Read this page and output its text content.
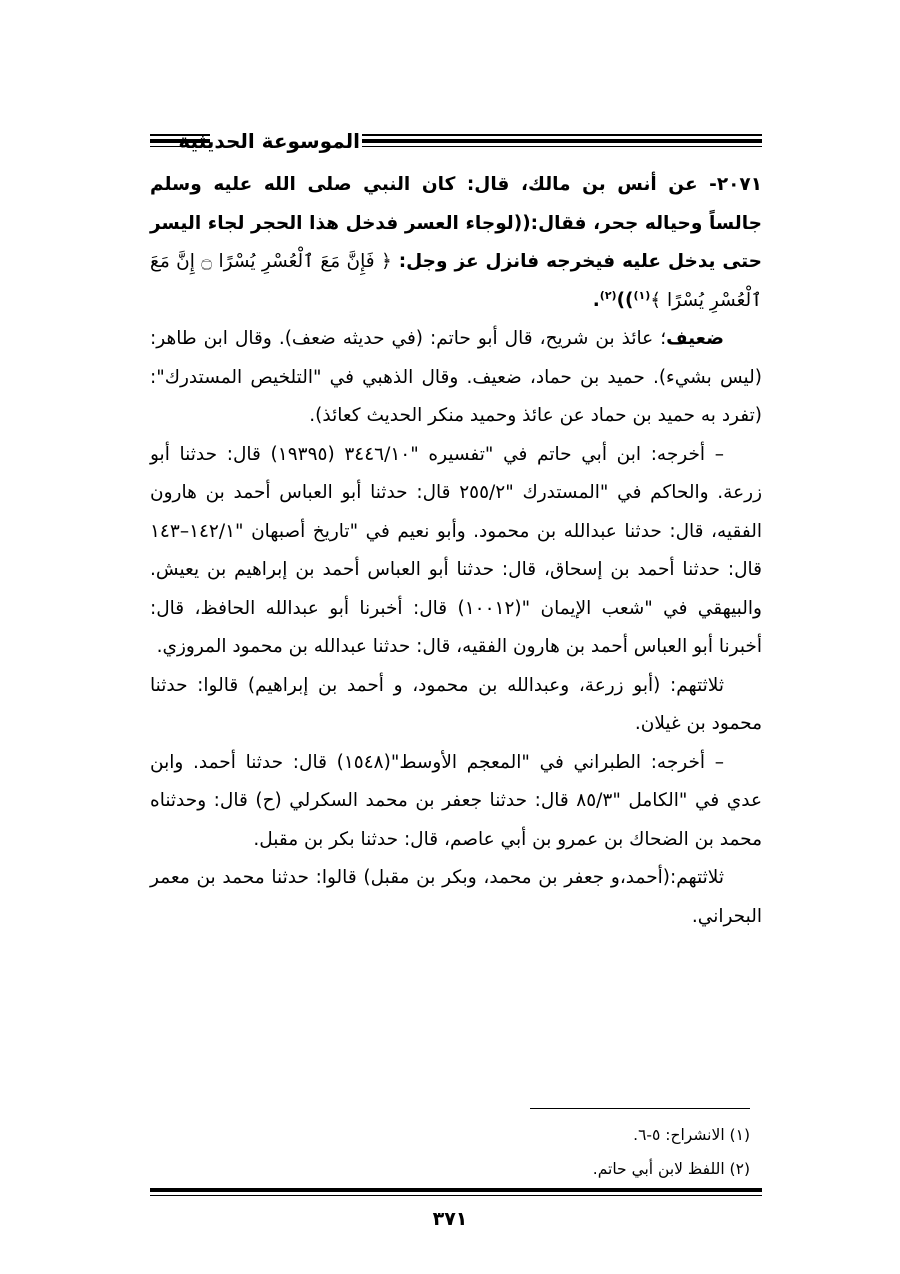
الموسوعة الحديثية

٢٠٧١- عن أنس بن مالك، قال: كان النبي صلى الله عليه وسلم جالساً وحياله جحر، فقال:((لوجاء العسر فدخل هذا الحجر لجاء اليسر حتى يدخل عليه فيخرجه فانزل عز وجل: ﴿ فَإِنَّ مَعَ ٱلْعُسْرِ يُسْرًا ۝ إِنَّ مَعَ ٱلْعُسْرِ يُسْرًا ﴾$^{(١)}$))$^{(٢)}$.

ضعيف؛ عائذ بن شريح، قال أبو حاتم: (في حديثه ضعف). وقال ابن طاهر: (ليس بشيء). حميد بن حماد، ضعيف. وقال الذهبي في "التلخيص المستدرك": (تفرد به حميد بن حماد عن عائذ وحميد منكر الحديث كعائذ).

– أخرجه: ابن أبي حاتم في "تفسيره "٣٤٤٦/١٠ (١٩٣٩٥) قال: حدثنا أبو زرعة. والحاكم في "المستدرك "٢٥٥/٢ قال: حدثنا أبو العباس أحمد بن هارون الفقيه، قال: حدثنا عبدالله بن محمود. وأبو نعيم في "تاريخ أصبهان "١٤٢/١–١٤٣ قال: حدثنا أحمد بن إسحاق، قال: حدثنا أبو العباس أحمد بن إبراهيم بن يعيش. والبيهقي في "شعب الإيمان "(١٠٠١٢) قال: أخبرنا أبو عبدالله الحافظ، قال: أخبرنا أبو العباس أحمد بن هارون الفقيه، قال: حدثنا عبدالله بن محمود المروزي.

ثلاثتهم: (أبو زرعة، وعبدالله بن محمود، و أحمد بن إبراهيم) قالوا: حدثنا محمود بن غيلان.

– أخرجه: الطبراني في "المعجم الأوسط"(١٥٤٨) قال: حدثنا أحمد. وابن عدي في "الكامل "٨٥/٣ قال: حدثنا جعفر بن محمد السكرلي (ح) قال: وحدثناه محمد بن الضحاك بن عمرو بن أبي عاصم، قال: حدثنا بكر بن مقبل.

ثلاثتهم:(أحمد،و جعفر بن محمد، وبكر بن مقبل) قالوا: حدثنا محمد بن معمر البحراني.

(١) الانشراح: ٥-٦.
(٢) اللفظ لابن أبي حاتم.
٣٧١
